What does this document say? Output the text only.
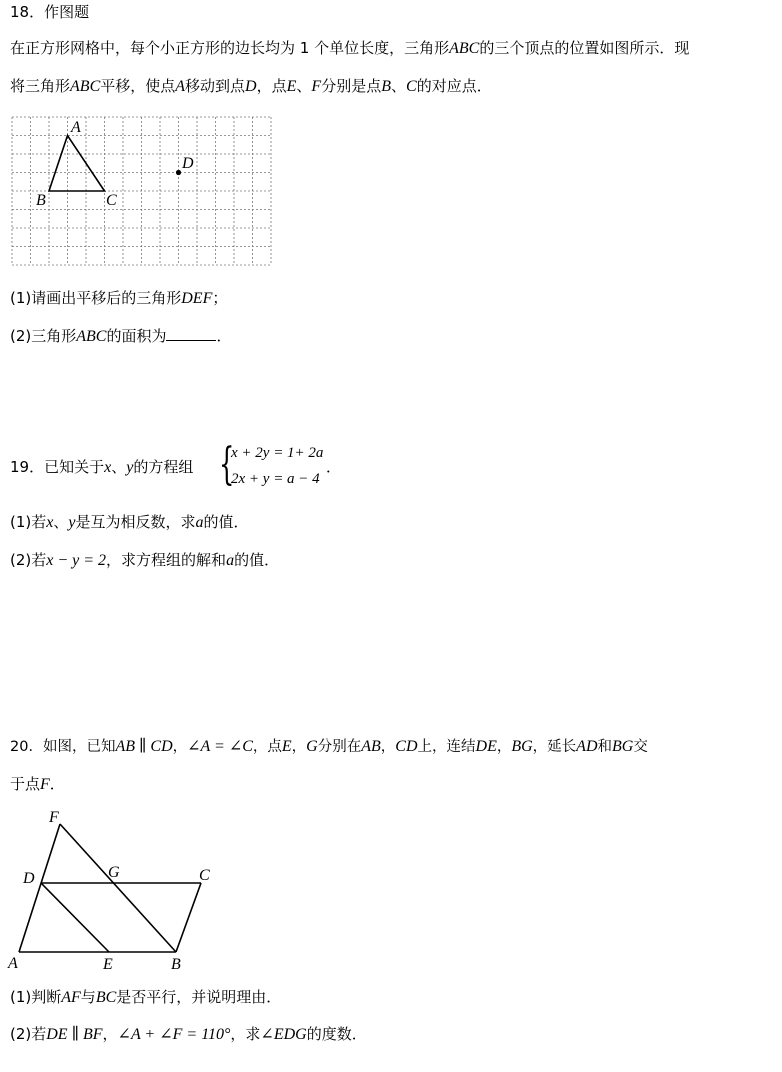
18．作图题
在正方形网格中，每个小正方形的边长均为 1 个单位长度，三角形ABC的三个顶点的位置如图所示．现
将三角形ABC平移，使点A移动到点D，点E、F分别是点B、C的对应点．
A
B	C
D
(1)请画出平移后的三角形DEF；
(2)三角形ABC的面积为	．
19．已知关于x、y的方程组 {
x + 2y = 1+ 2a
2x + y = a − 4
．
(1)若x、y是互为相反数，求a的值．
(2)若x − y = 2，求方程组的解和a的值．
20．如图，已知AB ∥ CD，∠A = ∠C，点E，G分别在AB，CD上，连结DE，BG，延长AD和BG交
于点F．
F
D	G	C
A	E	B
(1)判断AF与BC是否平行，并说明理由．
(2)若DE ∥ BF，∠A + ∠F = 110°，求∠EDG的度数．
